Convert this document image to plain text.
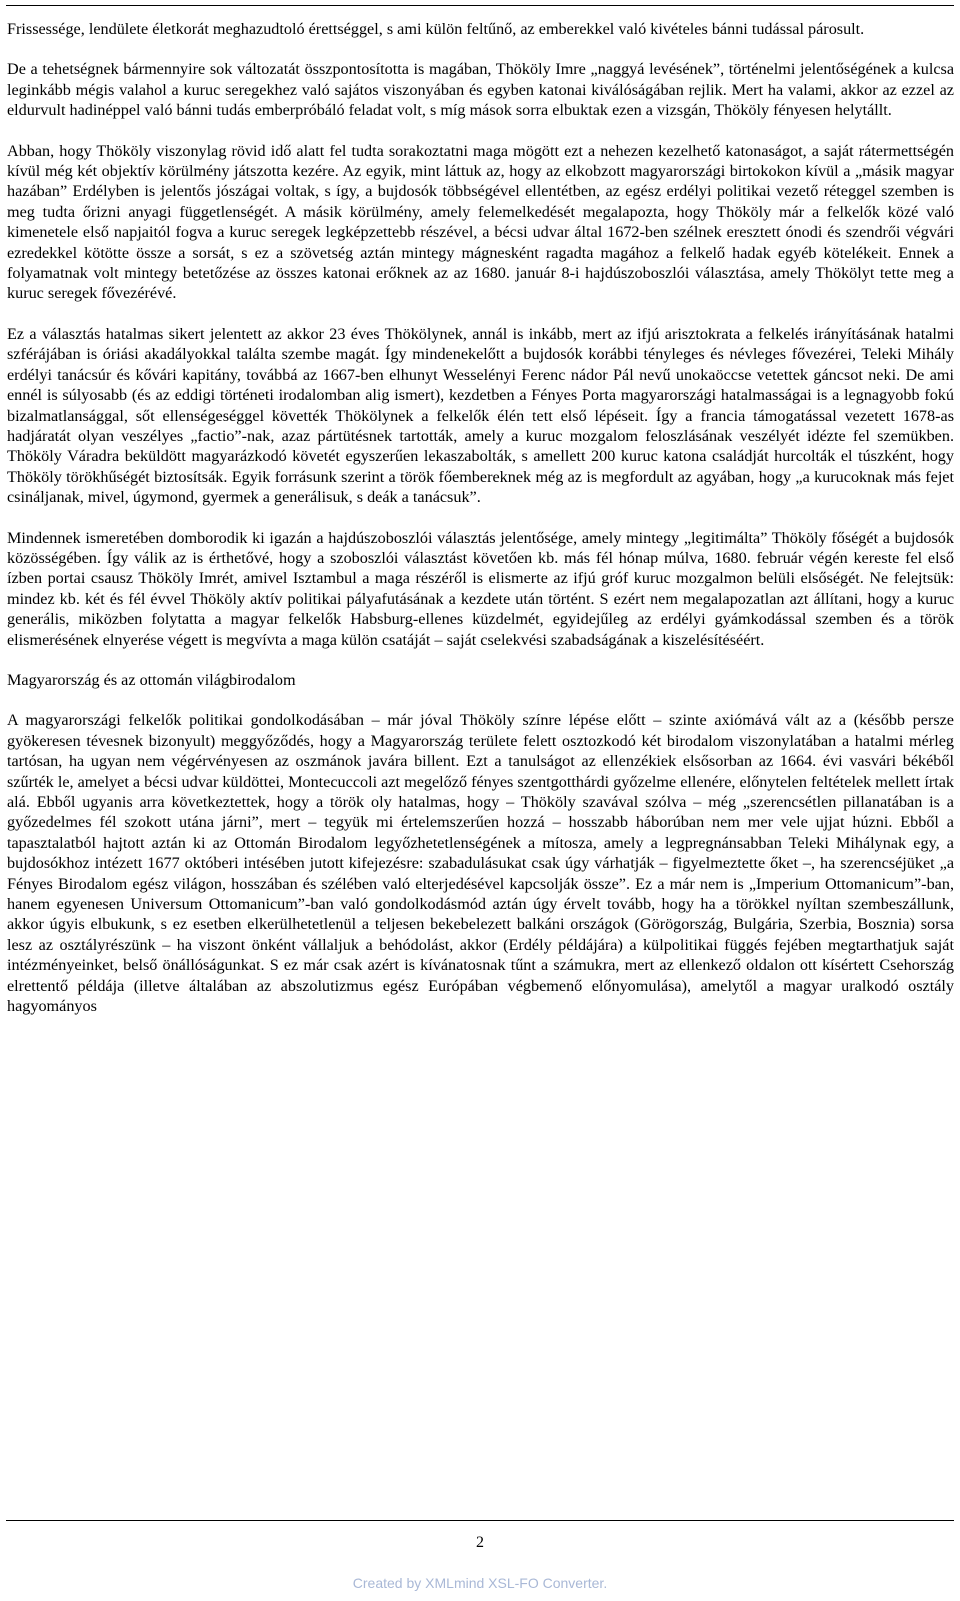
Frissessége, lendülete életkorát meghazudtoló érettséggel, s ami külön feltűnő, az emberekkel való kivételes bánni tudással párosult.

De a tehetségnek bármennyire sok változatát összpontosította is magában, Thököly Imre „naggyá levésének”, történelmi jelentőségének a kulcsa leginkább mégis valahol a kuruc seregekhez való sajátos viszonyában és egyben katonai kiválóságában rejlik. Mert ha valami, akkor az ezzel az eldurvult hadinéppel való bánni tudás emberpróbáló feladat volt, s míg mások sorra elbuktak ezen a vizsgán, Thököly fényesen helytállt.

Abban, hogy Thököly viszonylag rövid idő alatt fel tudta sorakoztatni maga mögött ezt a nehezen kezelhető katonaságot, a saját rátermettségén kívül még két objektív körülmény játszotta kezére. Az egyik, mint láttuk az, hogy az elkobzott magyarországi birtokokon kívül a „másik magyar hazában” Erdélyben is jelentős jószágai voltak, s így, a bujdosók többségével ellentétben, az egész erdélyi politikai vezető réteggel szemben is meg tudta őrizni anyagi függetlenségét. A másik körülmény, amely felemelkedését megalapozta, hogy Thököly már a felkelők közé való kimenetele első napjaitól fogva a kuruc seregek legképzettebb részével, a bécsi udvar által 1672-ben szélnek eresztett ónodi és szendrői végvári ezredekkel kötötte össze a sorsát, s ez a szövetség aztán mintegy mágnesként ragadta magához a felkelő hadak egyéb kötelékeit. Ennek a folyamatnak volt mintegy betetőzése az összes katonai erőknek az az 1680. január 8-i hajdúszoboszlói választása, amely Thökölyt tette meg a kuruc seregek fővezérévé.

Ez a választás hatalmas sikert jelentett az akkor 23 éves Thökölynek, annál is inkább, mert az ifjú arisztokrata a felkelés irányításának hatalmi szférájában is óriási akadályokkal találta szembe magát. Így mindenekelőtt a bujdosók korábbi tényleges és névleges fővezérei, Teleki Mihály erdélyi tanácsúr és kővári kapitány, továbbá az 1667-ben elhunyt Wesselényi Ferenc nádor Pál nevű unokaöccse vetettek gáncsot neki. De ami ennél is súlyosabb (és az eddigi történeti irodalomban alig ismert), kezdetben a Fényes Porta magyarországi hatalmasságai is a legnagyobb fokú bizalmatlansággal, sőt ellenségeséggel követték Thökölynek a felkelők élén tett első lépéseit. Így a francia támogatással vezetett 1678-as hadjáratát olyan veszélyes „factio”-nak, azaz pártütésnek tartották, amely a kuruc mozgalom feloszlásának veszélyét idézte fel szemükben. Thököly Váradra beküldött magyarázkodó követét egyszerűen lekaszabolták, s amellett 200 kuruc katona családját hurcolták el túszként, hogy Thököly törökhűségét biztosítsák. Egyik forrásunk szerint a török főembereknek még az is megfordult az agyában, hogy „a kurucoknak más fejet csináljanak, mivel, úgymond, gyermek a generálisuk, s deák a tanácsuk”.

Mindennek ismeretében domborodik ki igazán a hajdúszoboszlói választás jelentősége, amely mintegy „legitimálta” Thököly főségét a bujdosók közösségében. Így válik az is érthetővé, hogy a szoboszlói választást követően kb. más fél hónap múlva, 1680. február végén kereste fel első ízben portai csausz Thököly Imrét, amivel Isztambul a maga részéről is elismerte az ifjú gróf kuruc mozgalmon belüli elsőségét. Ne felejtsük: mindez kb. két és fél évvel Thököly aktív politikai pályafutásának a kezdete után történt. S ezért nem megalapozatlan azt állítani, hogy a kuruc generális, miközben folytatta a magyar felkelők Habsburg-ellenes küzdelmét, egyidejűleg az erdélyi gyámkodással szemben és a török elismerésének elnyerése végett is megvívta a maga külön csatáját – saját cselekvési szabadságának a kiszelésítéséért.

Magyarország és az ottomán világbirodalom

A magyarországi felkelők politikai gondolkodásában – már jóval Thököly színre lépése előtt – szinte axiómává vált az a (később persze gyökeresen tévesnek bizonyult) meggyőződés, hogy a Magyarország területe felett osztozkodó két birodalom viszonylatában a hatalmi mérleg tartósan, ha ugyan nem végérvényesen az oszmánok javára billent. Ezt a tanulságot az ellenzékiek elsősorban az 1664. évi vasvári békéből szűrték le, amelyet a bécsi udvar küldöttei, Montecuccoli azt megelőző fényes szentgotthárdi győzelme ellenére, előnytelen feltételek mellett írtak alá. Ebből ugyanis arra következtettek, hogy a török oly hatalmas, hogy – Thököly szavával szólva – még „szerencsétlen pillanatában is a győzedelmes fél szokott utána járni”, mert – tegyük mi értelemszerűen hozzá – hosszabb háborúban nem mer vele ujjat húzni. Ebből a tapasztalatból hajtott aztán ki az Ottomán Birodalom legyőzhetetlenségének a mítosza, amely a legpregnánsabban Teleki Mihálynak egy, a bujdosókhoz intézett 1677 októberi intésében jutott kifejezésre: szabadulásukat csak úgy várhatják – figyelmeztette őket –, ha szerencséjüket „a Fényes Birodalom egész világon, hosszában és szélében való elterjedésével kapcsolják össze”. Ez a már nem is „Imperium Ottomanicum”-ban, hanem egyenesen Universum Ottomanicum”-ban való gondolkodásmód aztán úgy érvelt tovább, hogy ha a törökkel nyíltan szembeszállunk, akkor úgyis elbukunk, s ez esetben elkerülhetetlenül a teljesen bekebelezett balkáni országok (Görögország, Bulgária, Szerbia, Bosznia) sorsa lesz az osztályrészünk – ha viszont önként vállaljuk a behódolást, akkor (Erdély példájára) a külpolitikai függés fejében megtarthatjuk saját intézményeinket, belső önállóságunkat. S ez már csak azért is kívánatosnak tűnt a számukra, mert az ellenkező oldalon ott kísértett Csehország elrettentő példája (illetve általában az abszolutizmus egész Európában végbemenő előnyomulása), amelytől a magyar uralkodó osztály hagyományos

2
Created by XMLmind XSL-FO Converter.
